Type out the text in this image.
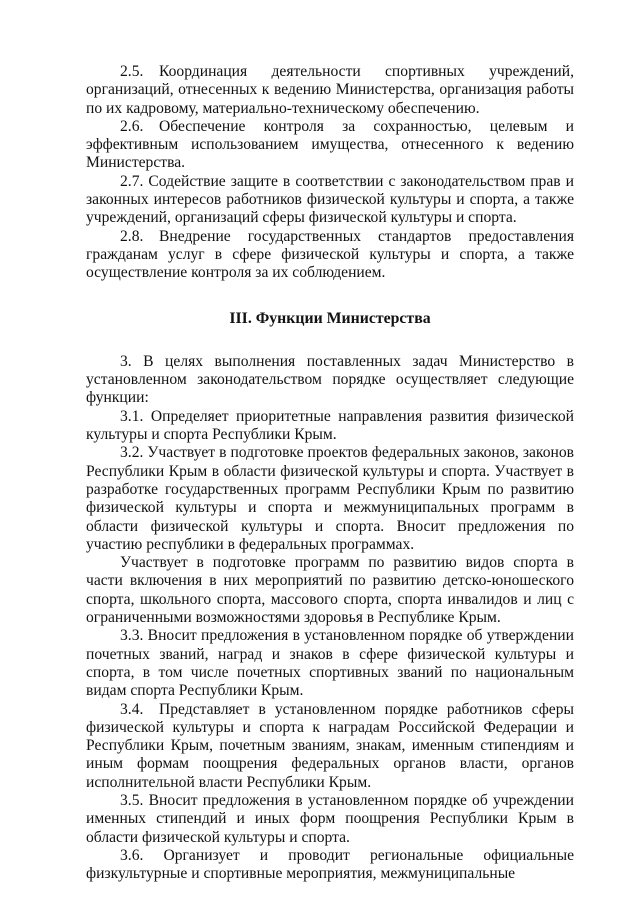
2.5. Координация деятельности спортивных учреждений, организаций, отнесенных к ведению Министерства, организация работы по их кадровому, материально-техническому обеспечению.

2.6. Обеспечение контроля за сохранностью, целевым и эффективным использованием имущества, отнесенного к ведению Министерства.

2.7. Содействие защите в соответствии с законодательством прав и законных интересов работников физической культуры и спорта, а также учреждений, организаций сферы физической культуры и спорта.

2.8. Внедрение государственных стандартов предоставления гражданам услуг в сфере физической культуры и спорта, а также осуществление контроля за их соблюдением.

III. Функции Министерства

3. В целях выполнения поставленных задач Министерство в установленном законодательством порядке осуществляет следующие функции:

3.1. Определяет приоритетные направления развития физической культуры и спорта Республики Крым.

3.2. Участвует в подготовке проектов федеральных законов, законов Республики Крым в области физической культуры и спорта. Участвует в разработке государственных программ Республики Крым по развитию физической культуры и спорта и межмуниципальных программ в области физической культуры и спорта. Вносит предложения по участию республики в федеральных программах.

Участвует в подготовке программ по развитию видов спорта в части включения в них мероприятий по развитию детско-юношеского спорта, школьного спорта, массового спорта, спорта инвалидов и лиц с ограниченными возможностями здоровья в Республике Крым.

3.3. Вносит предложения в установленном порядке об утверждении почетных званий, наград и знаков в сфере физической культуры и спорта, в том числе почетных спортивных званий по национальным видам спорта Республики Крым.

3.4. Представляет в установленном порядке работников сферы физической культуры и спорта к наградам Российской Федерации и Республики Крым, почетным званиям, знакам, именным стипендиям и иным формам поощрения федеральных органов власти, органов исполнительной власти Республики Крым.

3.5. Вносит предложения в установленном порядке об учреждении именных стипендий и иных форм поощрения Республики Крым в области физической культуры и спорта.

3.6. Организует и проводит региональные официальные физкультурные и спортивные мероприятия, межмуниципальные
